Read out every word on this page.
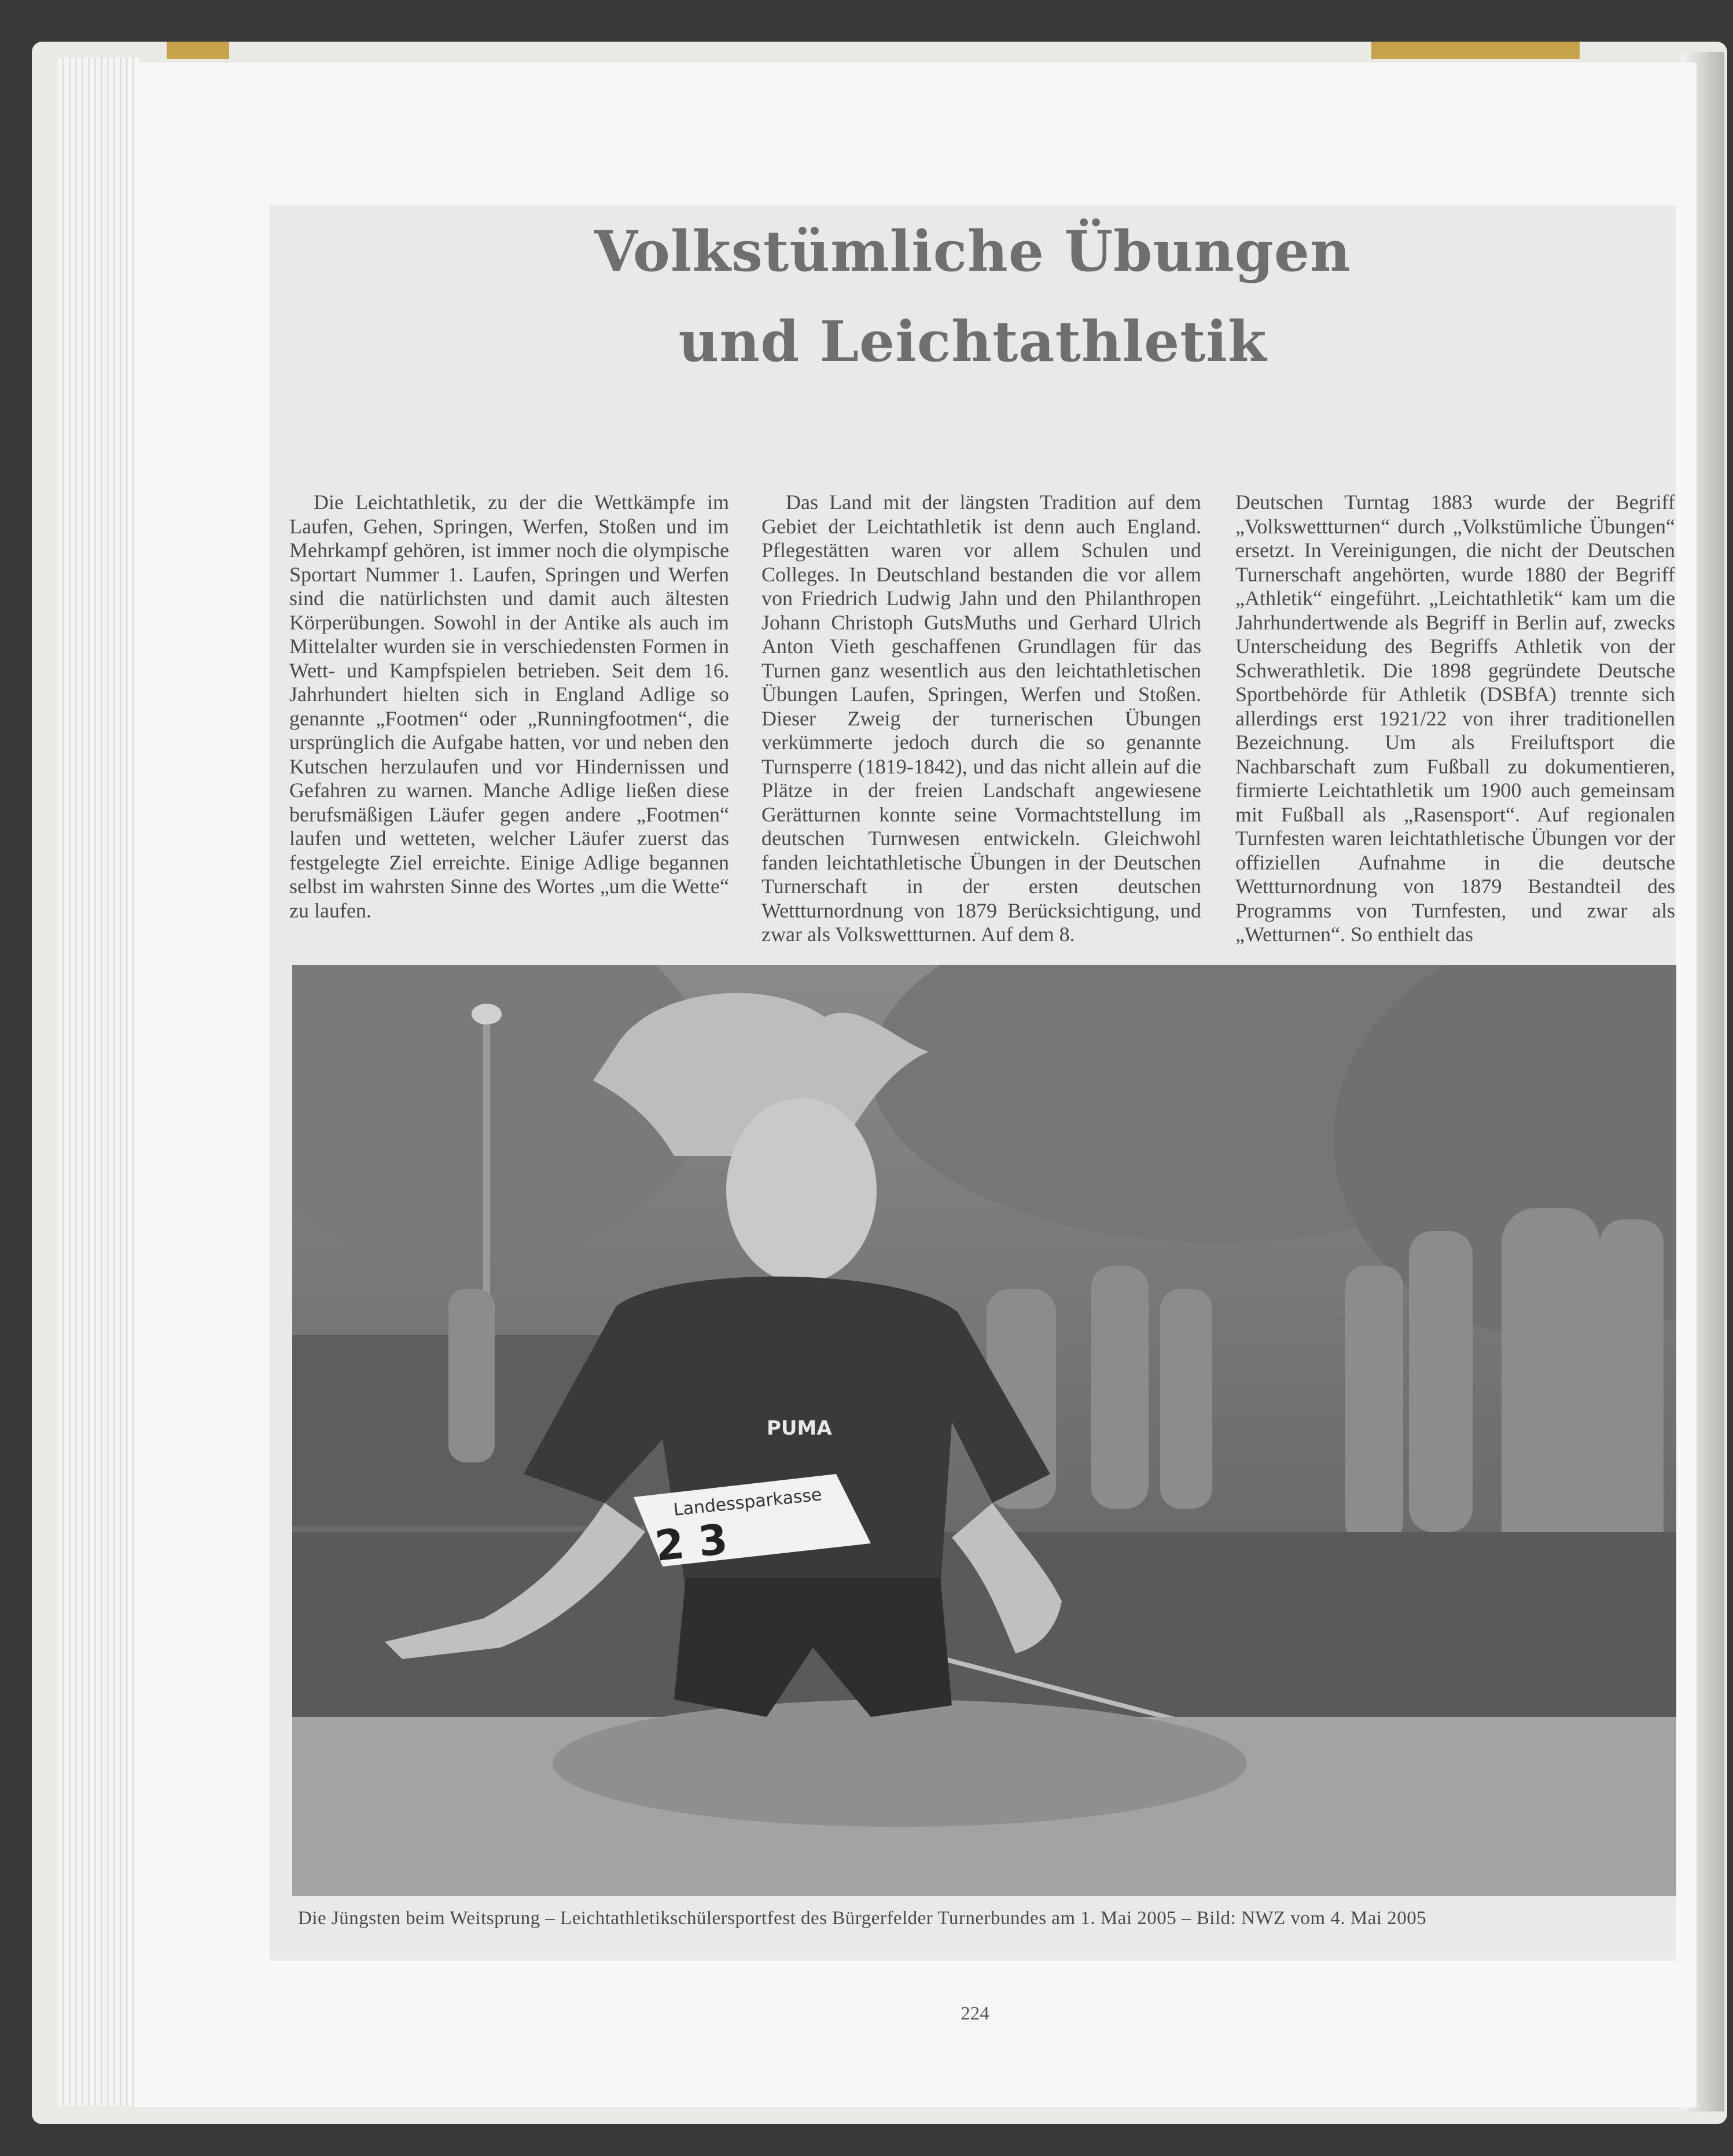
Volkstümliche Übungen
und Leichtathletik
Die Leichtathletik, zu der die Wettkämpfe im Laufen, Gehen, Springen, Werfen, Stoßen und im Mehrkampf gehören, ist immer noch die olympische Sportart Nummer 1. Laufen, Springen und Werfen sind die natürlichsten und damit auch ältesten Körperübungen. Sowohl in der Antike als auch im Mittelalter wurden sie in verschiedensten Formen in Wett- und Kampfspielen betrieben. Seit dem 16. Jahrhundert hielten sich in England Adlige so genannte „Footmen“ oder „Runningfootmen“, die ursprünglich die Aufgabe hatten, vor und neben den Kutschen herzulaufen und vor Hindernissen und Gefahren zu warnen. Manche Adlige ließen diese berufsmäßigen Läufer gegen andere „Footmen“ laufen und wetteten, welcher Läufer zuerst das festgelegte Ziel erreichte. Einige Adlige begannen selbst im wahrsten Sinne des Wortes „um die Wette“ zu laufen.
Das Land mit der längsten Tradition auf dem Gebiet der Leichtathletik ist denn auch England. Pflegestätten waren vor allem Schulen und Colleges. In Deutschland bestanden die vor allem von Friedrich Ludwig Jahn und den Philanthropen Johann Christoph GutsMuths und Gerhard Ulrich Anton Vieth geschaffenen Grundlagen für das Turnen ganz wesentlich aus den leichtathletischen Übungen Laufen, Springen, Werfen und Stoßen. Dieser Zweig der turnerischen Übungen verkümmerte jedoch durch die so genannte Turnsperre (1819-1842), und das nicht allein auf die Plätze in der freien Landschaft angewiesene Gerätturnen konnte seine Vormachtstellung im deutschen Turnwesen entwickeln. Gleichwohl fanden leichtathletische Übungen in der Deutschen Turnerschaft in der ersten deutschen Wettturnordnung von 1879 Berücksichtigung, und zwar als Volkswettturnen. Auf dem 8.
Deutschen Turntag 1883 wurde der Begriff „Volkswettturnen“ durch „Volkstümliche Übungen“ ersetzt. In Vereinigungen, die nicht der Deutschen Turnerschaft angehörten, wurde 1880 der Begriff „Athletik“ eingeführt. „Leichtathletik“ kam um die Jahrhundertwende als Begriff in Berlin auf, zwecks Unterscheidung des Begriffs Athletik von der Schwerathletik. Die 1898 gegründete Deutsche Sportbehörde für Athletik (DSBfA) trennte sich allerdings erst 1921/22 von ihrer traditionellen Bezeichnung. Um als Freiluftsport die Nachbarschaft zum Fußball zu dokumentieren, firmierte Leichtathletik um 1900 auch gemeinsam mit Fußball als „Rasensport“. Auf regionalen Turnfesten waren leichtathletische Übungen vor der offiziellen Aufnahme in die deutsche Wettturnordnung von 1879 Bestandteil des Programms von Turnfesten, und zwar als „Wetturnen“. So enthielt das
PUMA
Landessparkasse
2 3
Die Jüngsten beim Weitsprung – Leichtathletikschülersportfest des Bürgerfelder Turnerbundes am 1. Mai 2005 – Bild: NWZ vom 4. Mai 2005
224
